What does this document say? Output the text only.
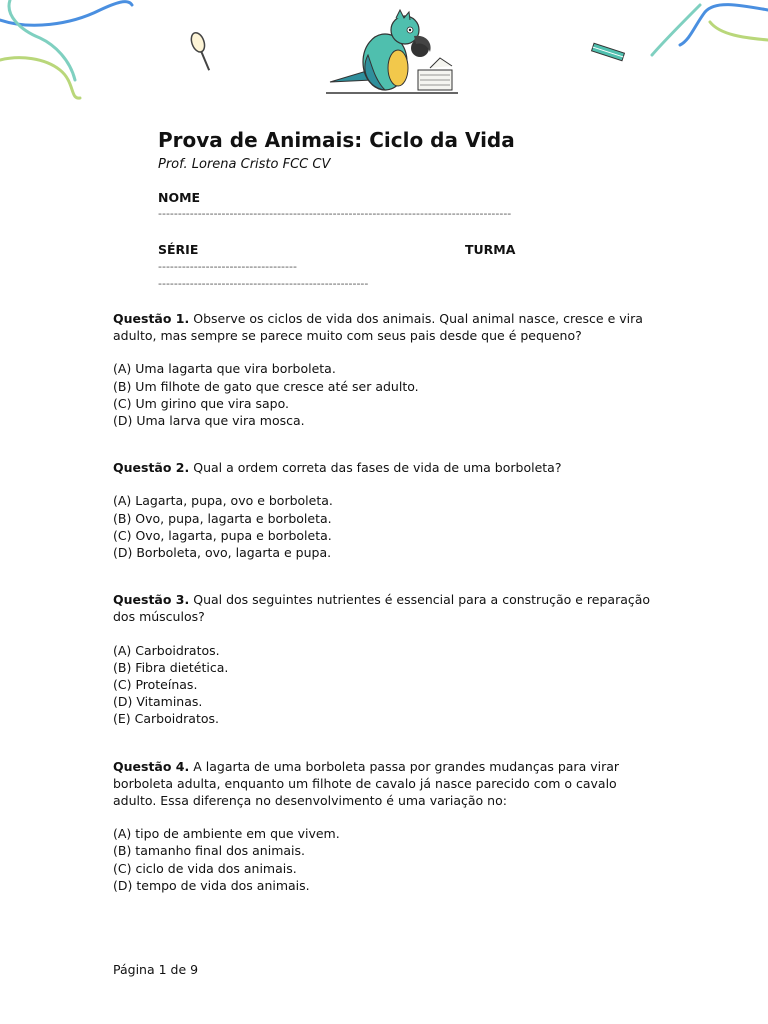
Prova de Animais: Ciclo da Vida

Prof. Lorena Cristo FCC CV

NOME
-----------------------------------------------------------------------------------------
SÉRIE	TURMA
-----------------------------------
-----------------------------------------------------

Questão 1. Observe os ciclos de vida dos animais. Qual animal nasce, cresce e vira adulto, mas sempre se parece muito com seus pais desde que é pequeno?

(A) Uma lagarta que vira borboleta.

(B) Um filhote de gato que cresce até ser adulto.

(C) Um girino que vira sapo.

(D) Uma larva que vira mosca.

Questão 2. Qual a ordem correta das fases de vida de uma borboleta?

(A) Lagarta, pupa, ovo e borboleta.

(B) Ovo, pupa, lagarta e borboleta.

(C) Ovo, lagarta, pupa e borboleta.

(D) Borboleta, ovo, lagarta e pupa.

Questão 3. Qual dos seguintes nutrientes é essencial para a construção e reparação dos músculos?

(A) Carboidratos.

(B) Fibra dietética.

(C) Proteínas.

(D) Vitaminas.

(E) Carboidratos.

Questão 4. A lagarta de uma borboleta passa por grandes mudanças para virar borboleta adulta, enquanto um filhote de cavalo já nasce parecido com o cavalo adulto. Essa diferença no desenvolvimento é uma variação no:

(A) tipo de ambiente em que vivem.

(B) tamanho final dos animais.

(C) ciclo de vida dos animais.

(D) tempo de vida dos animais.

Página 1 de 9
